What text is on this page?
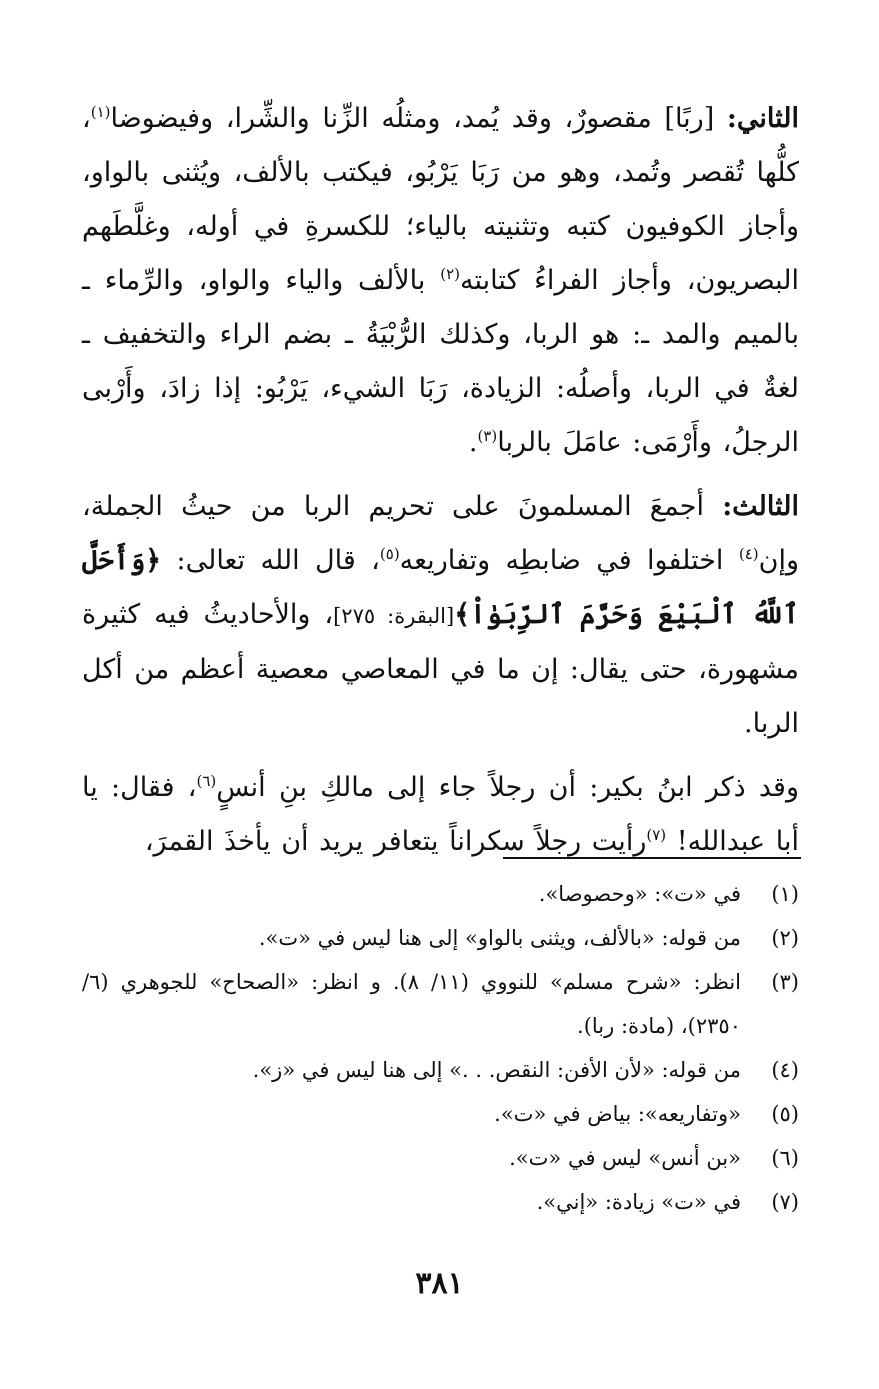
الثاني: [ربًا] مقصورٌ، وقد يُمد، ومثلُه الزِّنا والشِّرا، وفيضوضا$^{(١)}$، كلُّها تُقصر وتُمد، وهو من رَبَا يَرْبُو، فيكتب بالألف، ويُثنى بالواو، وأجاز الكوفيون كتبه وتثنيته بالياء؛ للكسرةِ في أوله، وغلَّطَهم البصريون، وأجاز الفراءُ كتابته$^{(٢)}$ بالألف والياء والواو، والرِّماء ـ بالميم والمد ـ: هو الربا، وكذلك الرُّبْيَةُ ـ بضم الراء والتخفيف ـ لغةٌ في الربا، وأصلُه: الزيادة، رَبَا الشيء، يَرْبُو: إذا زادَ، وأَرْبى الرجلُ، وأَرْمَى: عامَلَ بالربا$^{(٣)}$.

الثالث: أجمعَ المسلمونَ على تحريم الربا من حيثُ الجملة، وإن$^{(٤)}$ اختلفوا في ضابطِه وتفاريعه$^{(٥)}$، قال الله تعالى: ﴿وَأَحَلَّ ٱللَّهُ ٱلْبَيْعَ وَحَرَّمَ ٱلرِّبَوٰاْ﴾[البقرة: ٢٧٥]، والأحاديثُ فيه كثيرة مشهورة، حتى يقال: إن ما في المعاصي معصية أعظم من أكل الربا.

وقد ذكر ابنُ بكير: أن رجلاً جاء إلى مالكِ بنِ أنسٍ$^{(٦)}$، فقال: يا أبا عبدالله! $^{(٧)}$رأيت رجلاً سكراناً يتعافر يريد أن يأخذَ القمرَ،

(١)
في «ت»: «وحصوصا».
(٢)
من قوله: «بالألف، ويثنى بالواو» إلى هنا ليس في «ت».
(٣)
انظر: «شرح مسلم» للنووي (١١/ ٨). و انظر: «الصحاح» للجوهري (٦/ ٢٣٥٠)، (مادة: ربا).
(٤)
من قوله: «لأن الأفن: النقص. . .» إلى هنا ليس في «ز».
(٥)
«وتفاريعه»: بياض في «ت».
(٦)
«بن أنس» ليس في «ت».
(٧)
في «ت» زيادة: «إني».
٣٨١
